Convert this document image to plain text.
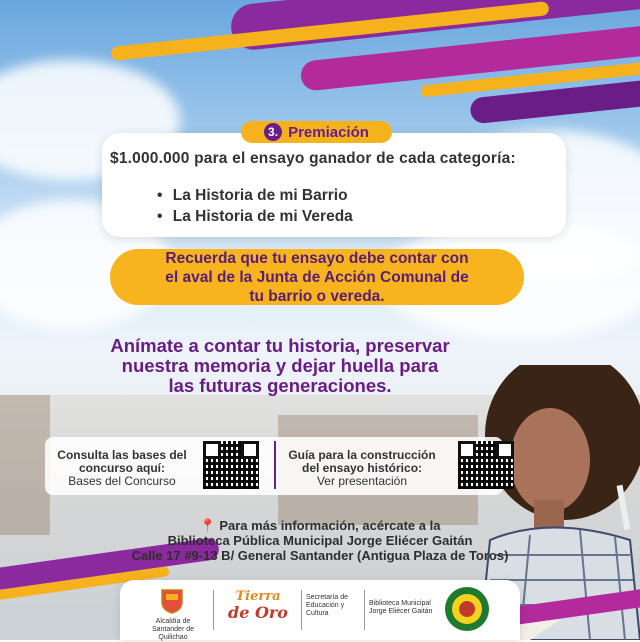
$1.000.000 para el ensayo ganador de cada categoría:
• La Historia de mi Barrio
• La Historia de mi Vereda
3. Premiación
Recuerda que tu ensayo debe contar con
el aval de la Junta de Acción Comunal de
tu barrio o vereda.
Anímate a contar tu historia, preservar
nuestra memoria y dejar huella para
las futuras generaciones.
Consulta las bases del
concurso aquí:
Bases del Concurso
Guía para la construcción
del ensayo histórico:
Ver presentación
📍 Para más información, acércate a la
Biblioteca Pública Municipal Jorge Eliécer Gaitán
Calle 17 #9-13 B/ General Santander (Antigua Plaza de Toros)
Alcaldía de Santander de Quilichao
Tierra
de Oro
Secretaría de Educación y Cultura
Biblioteca Municipal Jorge Eliécer Gaitán
